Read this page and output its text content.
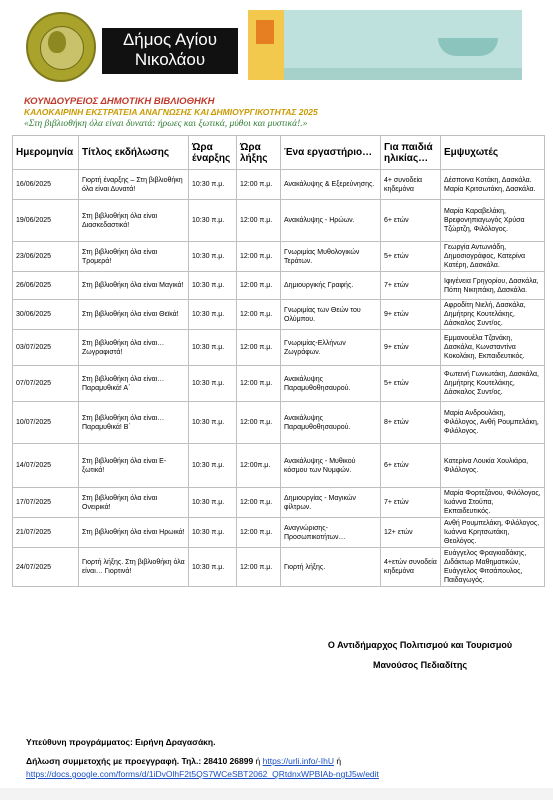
Δήμος Αγίου Νικολάου
ΚΟΥΝΔΟΥΡΕΙΟΣ ΔΗΜΟΤΙΚΗ ΒΙΒΛΙΟΘΗΚΗ
ΚΑΛΟΚΑΙΡΙΝΗ ΕΚΣΤΡΑΤΕΙΑ ΑΝΑΓΝΩΣΗΣ ΚΑΙ ΔΗΜΙΟΥΡΓΙΚΟΤΗΤΑΣ 2025
«Στη βιβλιοθήκη όλα είναι δυνατά: ήρωες και ξωτικά, μύθοι και μυστικά!.»
Ημερομηνία	Τίτλος εκδήλωσης	Ώρα έναρξης	Ώρα λήξης	Ένα εργαστήριο…	Για παιδιά ηλικίας…	Εμψυχωτές
16/06/2025	Γιορτή έναρξης – Στη βιβλιοθήκη όλα είναι Δυνατά!	10:30 π.μ.	12:00 π.μ.	Ανακάλυψης & Εξερεύνησης.	4+ συνοδεία κηδεμόνα	Δέσποινα Κοτάκη, Δασκάλα. Μαρία Κριτσωτάκη, Δασκάλα.
19/06/2025	Στη βιβλιοθήκη όλα είναι Διασκεδαστικά!	10:30 π.μ.	12:00 π.μ.	Ανακάλυψης - Ηρώων.	6+ ετών	Μαρία Καραβελάκη, Βρεφονηπιαγωγός Χρύσα Τζώρτζη, Φιλόλογος.
23/06/2025	Στη βιβλιοθήκη όλα είναι Τρομερά!	10:30 π.μ.	12:00 π.μ.	Γνωριμίας Μυθολογικών Τεράτων.	5+ ετών	Γεωργία Αντωνιάδη, Δημοσιογράφος, Κατερίνα Κατέρη, Δασκάλα.
26/06/2025	Στη βιβλιοθήκη όλα είναι Μαγικά!	10:30 π.μ.	12:00 π.μ.	Δημιουργικής Γραφής.	7+ ετών	Ιφιγένεια Γρηγορίου, Δασκάλα, Πόπη Νικηπάκη, Δασκάλα.
30/06/2025	Στη βιβλιοθήκη όλα είναι Θεϊκά!	10:30 π.μ.	12:00 π.μ.	Γνωριμίας των Θεών του Ολύμπου.	9+ ετών	Αφροδίτη Νιελή, Δασκάλα, Δημήτρης Κουτελάκης, Δάσκαλος Συντ/ος.
03/07/2025	Στη βιβλιοθήκη όλα είναι… Ζωγραφιστά!	10:30 π.μ.	12:00 π.μ.	Γνωριμίας-Ελλήνων Ζωγράφων.	9+ ετών	Εμμανουέλα Τζανάκη, Δασκάλα, Κωνσταντίνα Κοκολάκη, Εκπαιδευτικός.
07/07/2025	Στη βιβλιοθήκη όλα είναι… Παραμυθικά! Α΄	10:30 π.μ.	12:00 π.μ.	Ανακάλυψης Παραμυθοθησαυρού.	5+ ετών	Φωτεινή Γωνιωτάκη, Δασκάλα, Δημήτρης Κουτελάκης, Δάσκαλος Συντ/ος.
10/07/2025	Στη βιβλιοθήκη όλα είναι… Παραμυθικά! Β΄	10:30 π.μ.	12:00 π.μ.	Ανακάλυψης Παραμυθοθησαυρού.	8+ ετών	Μαρία Ανδρουλάκη, Φιλόλογος, Ανθή Ρουμπελάκη, Φιλόλογος.
14/07/2025	Στη βιβλιοθήκη όλα είναι Ε-ξωτικά!	10:30 π.μ.	12:00π.μ.	Ανακάλυψης - Μυθικού κόσμου των Νυμφών.	6+ ετών	Κατερίνα Λουκία Χουλιάρα, Φιλόλογος.
17/07/2025	Στη βιβλιοθήκη όλα είναι Ονειρικά!	10:30 π.μ.	12:00 π.μ.	Δημιουργίας - Μαγικών φίλτρων.	7+ ετών	Μαρία Φορτεζάνου, Φιλόλογος, Ιωάννα Στούπα, Εκπαιδευτικός.
21/07/2025	Στη βιβλιοθήκη όλα είναι Ηρωικά!	10:30 π.μ.	12:00 π.μ.	Αναγνώρισης- Προσωπικοτήτων…	12+ ετών	Ανθή Ρουμπελάκη, Φιλόλογος, Ιωάννα Κρητσωτάκη, Θεολόγος.
24/07/2025	Γιορτή λήξης. Στη βιβλιοθήκη όλα είναι… Γιορτινά!	10:30 π.μ.	12:00 π.μ.	Γιορτή λήξης.	4+ετών συνοδεία κηδεμόνα	Ευάγγελος Φραγκιαδάκης, Διδάκτωρ Μαθηματικών, Ευάγγελος Φιτσάπουλος, Παιδαγωγός.
Ο Αντιδήμαρχος Πολιτισμού και Τουρισμού
Μανούσος Πεδιαδίτης
Υπεύθυνη προγράμματος: Ειρήνη Δραγασάκη.
Δήλωση συμμετοχής με προεγγραφή. Τηλ.: 28410 26899 ή https://urli.info/-IhU ή
https://docs.google.com/forms/d/1iDvOlhF2t5QS7WCeSBT2062_QRtdnxWPBIAb-ngtJ5w/edit
